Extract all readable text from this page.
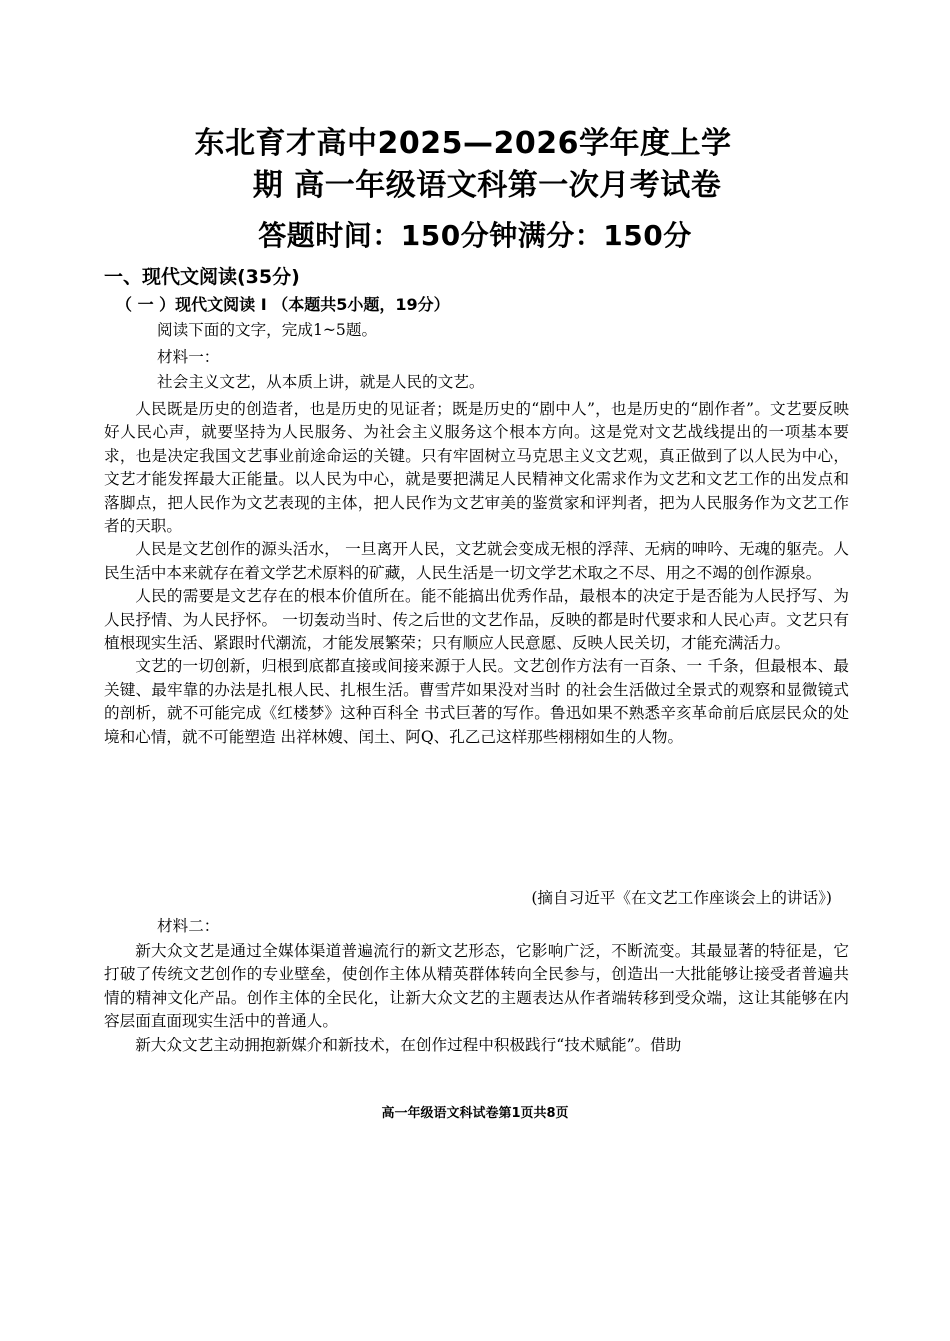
东北育才高中2025—2026学年度上学
期 高一年级语文科第一次月考试卷
答题时间：150分钟满分：150分
一、现代文阅读(35分)
（ 一 ）现代文阅读 I （本题共5小题，19分）
阅读下面的文字，完成1~5题。
材料一：
社会主义文艺，从本质上讲，就是人民的文艺。

人民既是历史的创造者，也是历史的见证者；既是历史的“剧中人”，也是历史的“剧作者”。文艺要反映好人民心声，就要坚持为人民服务、为社会主义服务这个根本方向。这是党对文艺战线提出的一项基本要求，也是决定我国文艺事业前途命运的关键。只有牢固树立马克思主义文艺观，真正做到了以人民为中心，文艺才能发挥最大正能量。以人民为中心，就是要把满足人民精神文化需求作为文艺和文艺工作的出发点和落脚点，把人民作为文艺表现的主体，把人民作为文艺审美的鉴赏家和评判者，把为人民服务作为文艺工作者的天职。

人民是文艺创作的源头活水， 一旦离开人民，文艺就会变成无根的浮萍、无病的呻吟、无魂的躯壳。人民生活中本来就存在着文学艺术原料的矿藏，人民生活是一切文学艺术取之不尽、用之不竭的创作源泉。

人民的需要是文艺存在的根本价值所在。能不能搞出优秀作品，最根本的决定于是否能为人民抒写、为人民抒情、为人民抒怀。 一切轰动当时、传之后世的文艺作品，反映的都是时代要求和人民心声。文艺只有植根现实生活、紧跟时代潮流，才能发展繁荣；只有顺应人民意愿、反映人民关切，才能充满活力。

文艺的一切创新，归根到底都直接或间接来源于人民。文艺创作方法有一百条、一 千条，但最根本、最关键、最牢靠的办法是扎根人民、扎根生活。曹雪芹如果没对当时 的社会生活做过全景式的观察和显微镜式的剖析，就不可能完成《红楼梦》这种百科全 书式巨著的写作。鲁迅如果不熟悉辛亥革命前后底层民众的处境和心情，就不可能塑造 出祥林嫂、闰土、阿Q、孔乙己这样那些栩栩如生的人物。

(摘自习近平《在文艺工作座谈会上的讲话》)
材料二：

新大众文艺是通过全媒体渠道普遍流行的新文艺形态，它影响广泛，不断流变。其最显著的特征是，它打破了传统文艺创作的专业壁垒，使创作主体从精英群体转向全民参与，创造出一大批能够让接受者普遍共情的精神文化产品。创作主体的全民化，让新大众文艺的主题表达从作者端转移到受众端，这让其能够在内容层面直面现实生活中的普通人。

新大众文艺主动拥抱新媒介和新技术，在创作过程中积极践行“技术赋能”。借助

高一年级语文科试卷第1页共8页
